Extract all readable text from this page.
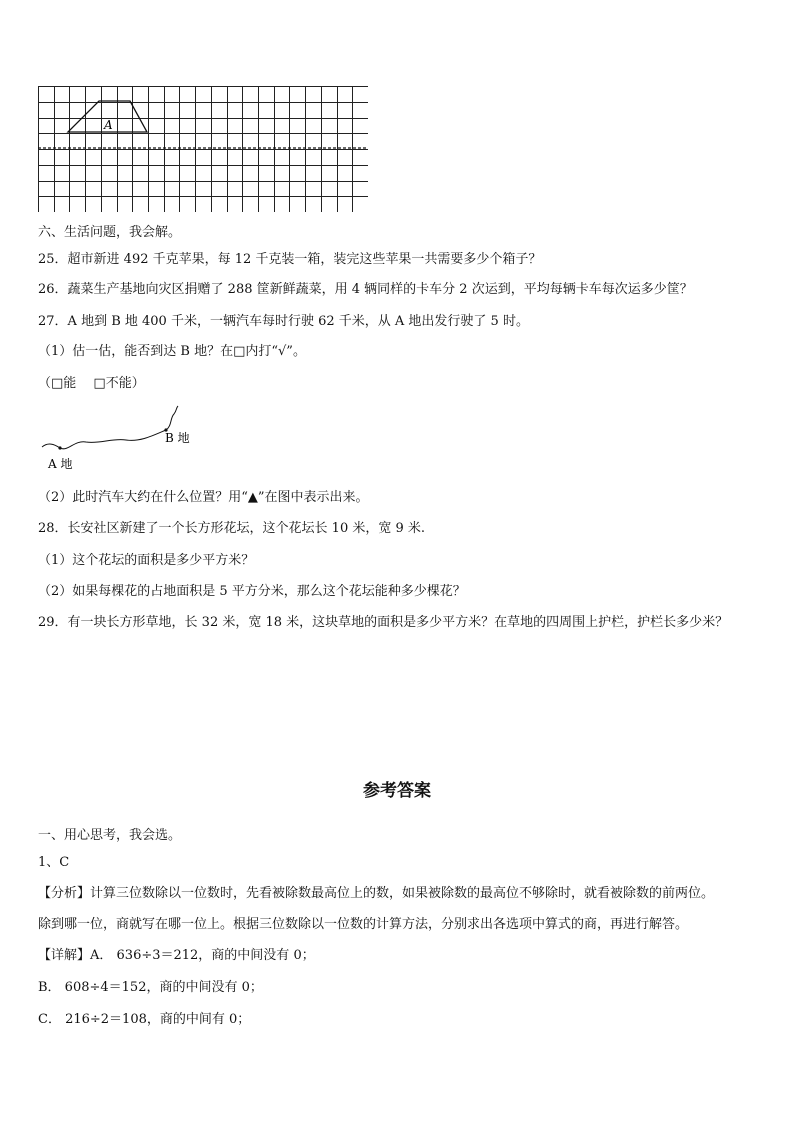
A
六、生活问题，我会解。
25．超市新进 492 千克苹果，每 12 千克装一箱，装完这些苹果一共需要多少个箱子？
26．蔬菜生产基地向灾区捐赠了 288 筐新鲜蔬菜，用 4 辆同样的卡车分 2 次运到，平均每辆卡车每次运多少筐？
27．A 地到 B 地 400 千米，一辆汽车每时行驶 62 千米，从 A 地出发行驶了 5 时。
（1）估一估，能否到达 B 地？在□内打“√”。
（□能　 □不能）
A 地
B 地
（2）此时汽车大约在什么位置？用“▲”在图中表示出来。
28．长安社区新建了一个长方形花坛，这个花坛长 10 米，宽 9 米.
（1）这个花坛的面积是多少平方米？
（2）如果每棵花的占地面积是 5 平方分米，那么这个花坛能种多少棵花？
29．有一块长方形草地，长 32 米，宽 18 米，这块草地的面积是多少平方米？在草地的四周围上护栏，护栏长多少米？
参考答案
一、用心思考，我会选。
1、C
【分析】计算三位数除以一位数时，先看被除数最高位上的数，如果被除数的最高位不够除时，就看被除数的前两位。
除到哪一位，商就写在哪一位上。根据三位数除以一位数的计算方法，分别求出各选项中算式的商，再进行解答。
【详解】A． 636÷3＝212，商的中间没有 0；
B． 608÷4＝152，商的中间没有 0；
C． 216÷2＝108，商的中间有 0；
